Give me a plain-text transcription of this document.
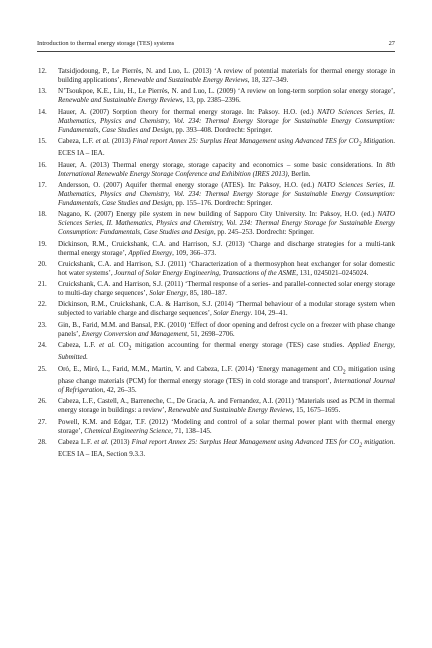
Introduction to thermal energy storage (TES) systems	27
12. Tatsidjodoung, P., Le Pierrès, N. and Luo, L. (2013) ‘A review of potential materials for thermal energy storage in building applications’, Renewable and Sustainable Energy Reviews, 18, 327–349.
13. N’Tsoukpoe, K.E., Liu, H., Le Pierrès, N. and Luo, L. (2009) ‘A review on long-term sorption solar energy storage’, Renewable and Sustainable Energy Reviews, 13, pp. 2385–2396.
14. Hauer, A. (2007) Sorption theory for thermal energy storage. In: Paksoy. H.O. (ed.) NATO Sciences Series, II. Mathematics, Physics and Chemistry, Vol. 234: Thermal Energy Storage for Sustainable Energy Consumption: Fundamentals, Case Studies and Design, pp. 393–408. Dordrecht: Springer.
15. Cabeza, L.F. et al. (2013) Final report Annex 25: Surplus Heat Management using Advanced TES for $CO_2$ Mitigation. ECES IA – IEA.
16. Hauer, A. (2013) Thermal energy storage, storage capacity and economics – some basic considerations. In 8th International Renewable Energy Storage Conference and Exhibition (IRES 2013), Berlin.
17. Andersson, O. (2007) Aquifer thermal energy storage (ATES). In: Paksoy, H.O. (ed.) NATO Sciences Series, II. Mathematics, Physics and Chemistry, Vol. 234: Thermal Energy Storage for Sustainable Energy Consumption: Fundamentals, Case Studies and Design, pp. 155–176. Dordrecht: Springer.
18. Nagano, K. (2007) Energy pile system in new building of Sapporo City University. In: Paksoy, H.O. (ed.) NATO Sciences Series, II. Mathematics, Physics and Chemistry, Vol. 234: Thermal Energy Storage for Sustainable Energy Consumption: Fundamentals, Case Studies and Design, pp. 245–253. Dordrecht: Springer.
19. Dickinson, R.M., Cruickshank, C.A. and Harrison, S.J. (2013) ‘Charge and discharge strategies for a multi-tank thermal energy storage’, Applied Energy, 109, 366–373.
20. Cruickshank, C.A. and Harrison, S.J. (2011) ‘Characterization of a thermosyphon heat exchanger for solar domestic hot water systems’, Journal of Solar Energy Engineering, Transactions of the ASME, 131, 0245021–0245024.
21. Cruickshank, C.A. and Harrison, S.J. (2011) ‘Thermal response of a series- and parallel-connected solar energy storage to multi-day charge sequences’, Solar Energy, 85, 180–187.
22. Dickinson, R.M., Cruickshank, C.A. & Harrison, S.J. (2014) ‘Thermal behaviour of a modular storage system when subjected to variable charge and discharge sequences’, Solar Energy. 104, 29–41.
23. Gin, B., Farid, M.M. and Bansal, P.K. (2010) ‘Effect of door opening and defrost cycle on a freezer with phase change panels’, Energy Conversion and Management, 51, 2698–2706.
24. Cabeza, L.F. et al. $CO_2$ mitigation accounting for thermal energy storage (TES) case studies. Applied Energy, Submitted.
25. Oró, E., Miró, L., Farid, M.M., Martin, V. and Cabeza, L.F. (2014) ‘Energy management and $CO_2$ mitigation using phase change materials (PCM) for thermal energy storage (TES) in cold storage and transport’, International Journal of Refrigeration, 42, 26–35.
26. Cabeza, L.F., Castell, A., Barreneche, C., De Gracia, A. and Fernandez, A.I. (2011) ‘Materials used as PCM in thermal energy storage in buildings: a review’, Renewable and Sustainable Energy Reviews, 15, 1675–1695.
27. Powell, K.M. and Edgar, T.F. (2012) ‘Modeling and control of a solar thermal power plant with thermal energy storage’, Chemical Engineering Science, 71, 138–145.
28. Cabeza L.F. et al. (2013) Final report Annex 25: Surplus Heat Management using Advanced TES for $CO_2$ mitigation. ECES IA – IEA, Section 9.3.3.
